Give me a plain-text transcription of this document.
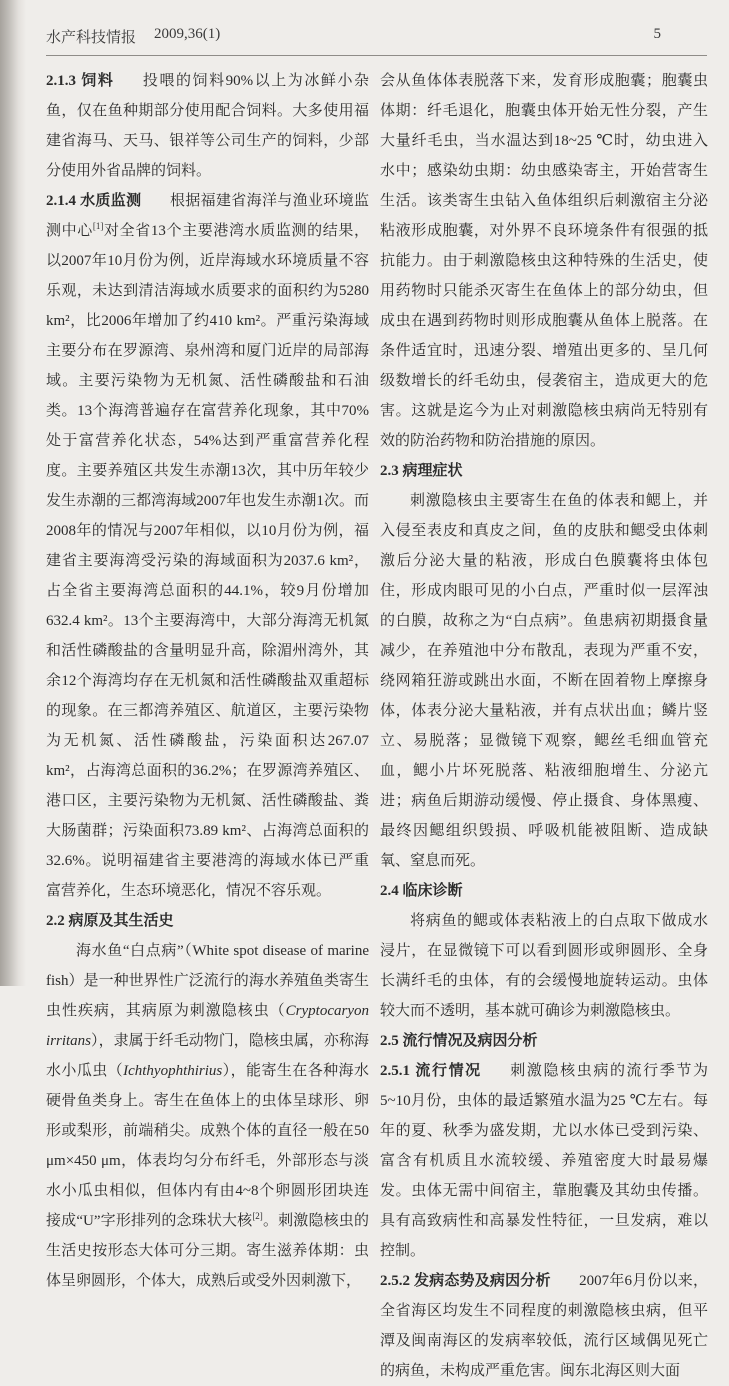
水产科技情报 2009,36(1)	5
2.1.3 饲料 投喂的饲料90%以上为冰鲜小杂鱼，仅在鱼种期部分使用配合饲料。大多使用福建省海马、天马、银祥等公司生产的饲料，少部分使用外省品牌的饲料。
2.1.4 水质监测 根据福建省海洋与渔业环境监测中心[1]对全省13个主要港湾水质监测的结果，以2007年10月份为例，近岸海域水环境质量不容乐观，未达到清洁海域水质要求的面积约为5280 km²，比2006年增加了约410 km²。严重污染海域主要分布在罗源湾、泉州湾和厦门近岸的局部海域。主要污染物为无机氮、活性磷酸盐和石油类。13个海湾普遍存在富营养化现象，其中70%处于富营养化状态，54%达到严重富营养化程度。主要养殖区共发生赤潮13次，其中历年较少发生赤潮的三都湾海域2007年也发生赤潮1次。而2008年的情况与2007年相似，以10月份为例，福建省主要海湾受污染的海域面积为2037.6 km²，占全省主要海湾总面积的44.1%，较9月份增加632.4 km²。13个主要海湾中，大部分海湾无机氮和活性磷酸盐的含量明显升高，除湄州湾外，其余12个海湾均存在无机氮和活性磷酸盐双重超标的现象。在三都湾养殖区、航道区，主要污染物为无机氮、活性磷酸盐，污染面积达267.07 km²，占海湾总面积的36.2%；在罗源湾养殖区、港口区，主要污染物为无机氮、活性磷酸盐、粪大肠菌群；污染面积73.89 km²、占海湾总面积的32.6%。说明福建省主要港湾的海域水体已严重富营养化，生态环境恶化，情况不容乐观。
2.2 病原及其生活史
海水鱼“白点病”（White spot disease of marine fish）是一种世界性广泛流行的海水养殖鱼类寄生虫性疾病，其病原为刺激隐核虫（Cryptocaryon irritans），隶属于纤毛动物门，隐核虫属，亦称海水小瓜虫（Ichthyophthirius），能寄生在各种海水硬骨鱼类身上。寄生在鱼体上的虫体呈球形、卵形或梨形，前端稍尖。成熟个体的直径一般在50 μm×450 μm，体表均匀分布纤毛，外部形态与淡水小瓜虫相似，但体内有由4~8个卵圆形团块连接成“U”字形排列的念珠状大核[2]。刺激隐核虫的生活史按形态大体可分三期。寄生滋养体期：虫体呈卵圆形，个体大，成熟后或受外因刺激下，
会从鱼体体表脱落下来，发育形成胞囊；胞囊虫体期：纤毛退化，胞囊虫体开始无性分裂，产生大量纤毛虫，当水温达到18~25 ℃时，幼虫进入水中；感染幼虫期：幼虫感染寄主，开始营寄生生活。该类寄生虫钻入鱼体组织后刺激宿主分泌粘液形成胞囊，对外界不良环境条件有很强的抵抗能力。由于刺激隐核虫这种特殊的生活史，使用药物时只能杀灭寄生在鱼体上的部分幼虫，但成虫在遇到药物时则形成胞囊从鱼体上脱落。在条件适宜时，迅速分裂、增殖出更多的、呈几何级数增长的纤毛幼虫，侵袭宿主，造成更大的危害。这就是迄今为止对刺激隐核虫病尚无特别有效的防治药物和防治措施的原因。
2.3 病理症状
刺激隐核虫主要寄生在鱼的体表和鳃上，并入侵至表皮和真皮之间，鱼的皮肤和鳃受虫体刺激后分泌大量的粘液，形成白色膜囊将虫体包住，形成肉眼可见的小白点，严重时似一层浑浊的白膜，故称之为“白点病”。鱼患病初期摄食量减少，在养殖池中分布散乱，表现为严重不安，绕网箱狂游或跳出水面，不断在固着物上摩擦身体，体表分泌大量粘液，并有点状出血；鳞片竖立、易脱落；显微镜下观察，鳃丝毛细血管充血，鳃小片坏死脱落、粘液细胞增生、分泌亢进；病鱼后期游动缓慢、停止摄食、身体黑瘦、最终因鳃组织毁损、呼吸机能被阻断、造成缺氧、窒息而死。
2.4 临床诊断
将病鱼的鳃或体表粘液上的白点取下做成水浸片，在显微镜下可以看到圆形或卵圆形、全身长满纤毛的虫体，有的会缓慢地旋转运动。虫体较大而不透明，基本就可确诊为刺激隐核虫。
2.5 流行情况及病因分析
2.5.1 流行情况 刺激隐核虫病的流行季节为5~10月份，虫体的最适繁殖水温为25 ℃左右。每年的夏、秋季为盛发期，尤以水体已受到污染、富含有机质且水流较缓、养殖密度大时最易爆发。虫体无需中间宿主，靠胞囊及其幼虫传播。具有高致病性和高暴发性特征，一旦发病，难以控制。
2.5.2 发病态势及病因分析 2007年6月份以来，全省海区均发生不同程度的刺激隐核虫病，但平潭及闽南海区的发病率较低，流行区域偶见死亡的病鱼，未构成严重危害。闽东北海区则大面
